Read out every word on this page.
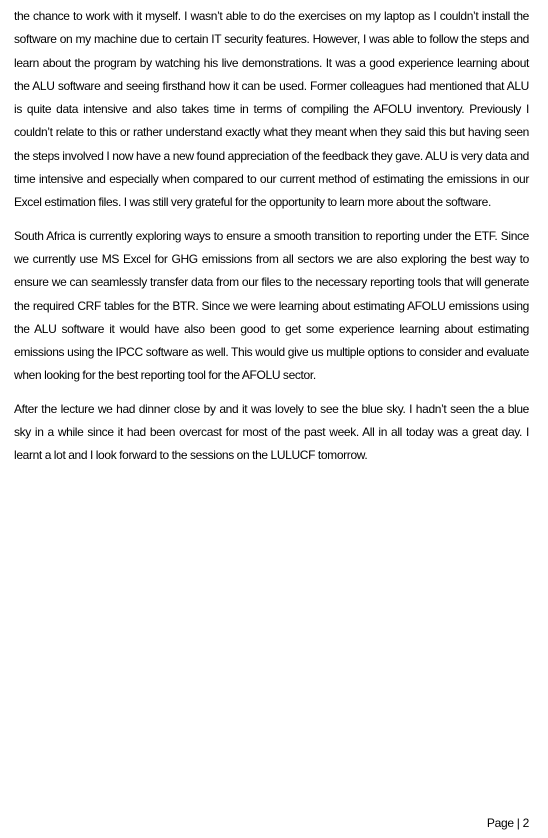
the chance to work with it myself. I wasn’t able to do the exercises on my laptop as I couldn’t install the software on my machine due to certain IT security features. However, I was able to follow the steps and learn about the program by watching his live demonstrations. It was a good experience learning about the ALU software and seeing firsthand how it can be used. Former colleagues had mentioned that ALU is quite data intensive and also takes time in terms of compiling the AFOLU inventory. Previously I couldn’t relate to this or rather understand exactly what they meant when they said this but having seen the steps involved I now have a new found appreciation of the feedback they gave. ALU is very data and time intensive and especially when compared to our current method of estimating the emissions in our Excel estimation files. I was still very grateful for the opportunity to learn more about the software.

South Africa is currently exploring ways to ensure a smooth transition to reporting under the ETF. Since we currently use MS Excel for GHG emissions from all sectors we are also exploring the best way to ensure we can seamlessly transfer data from our files to the necessary reporting tools that will generate the required CRF tables for the BTR. Since we were learning about estimating AFOLU emissions using the ALU software it would have also been good to get some experience learning about estimating emissions using the IPCC software as well. This would give us multiple options to consider and evaluate when looking for the best reporting tool for the AFOLU sector.

After the lecture we had dinner close by and it was lovely to see the blue sky. I hadn’t seen the a blue sky in a while since it had been overcast for most of the past week. All in all today was a great day. I learnt a lot and I look forward to the sessions on the LULUCF tomorrow.

Page | 2
